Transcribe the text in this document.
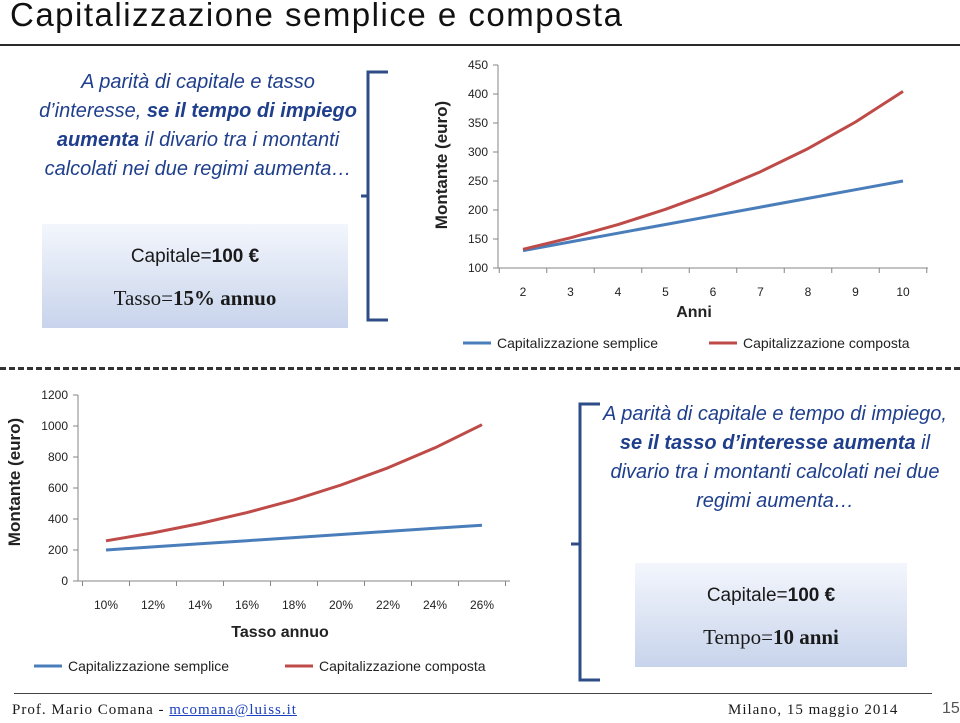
Capitalizzazione semplice e composta
A parità di capitale e tasso d’interesse, se il tempo di impiego aumenta il divario tra i montanti calcolati nei due regimi aumenta…
Capitale=100 €
Tasso=15% annuo
100
150
200
250
300
350
400
450
2	3	4	5	6	7	8	9	10
Anni
Montante (euro)
Capitalizzazione semplice	Capitalizzazione composta
0
200
400
600
800
1000
1200
10% 12% 14% 16% 18% 20% 22% 24% 26%
Tasso annuo
Montante (euro)
Capitalizzazione semplice	Capitalizzazione composta
A parità di capitale e tempo di impiego, se il tasso d’interesse aumenta il divario tra i montanti calcolati nei due regimi aumenta…
Capitale=100 €
Tempo=10 anni
Prof. Mario Comana - mcomana@luiss.it	Milano, 15 maggio 2014	15
